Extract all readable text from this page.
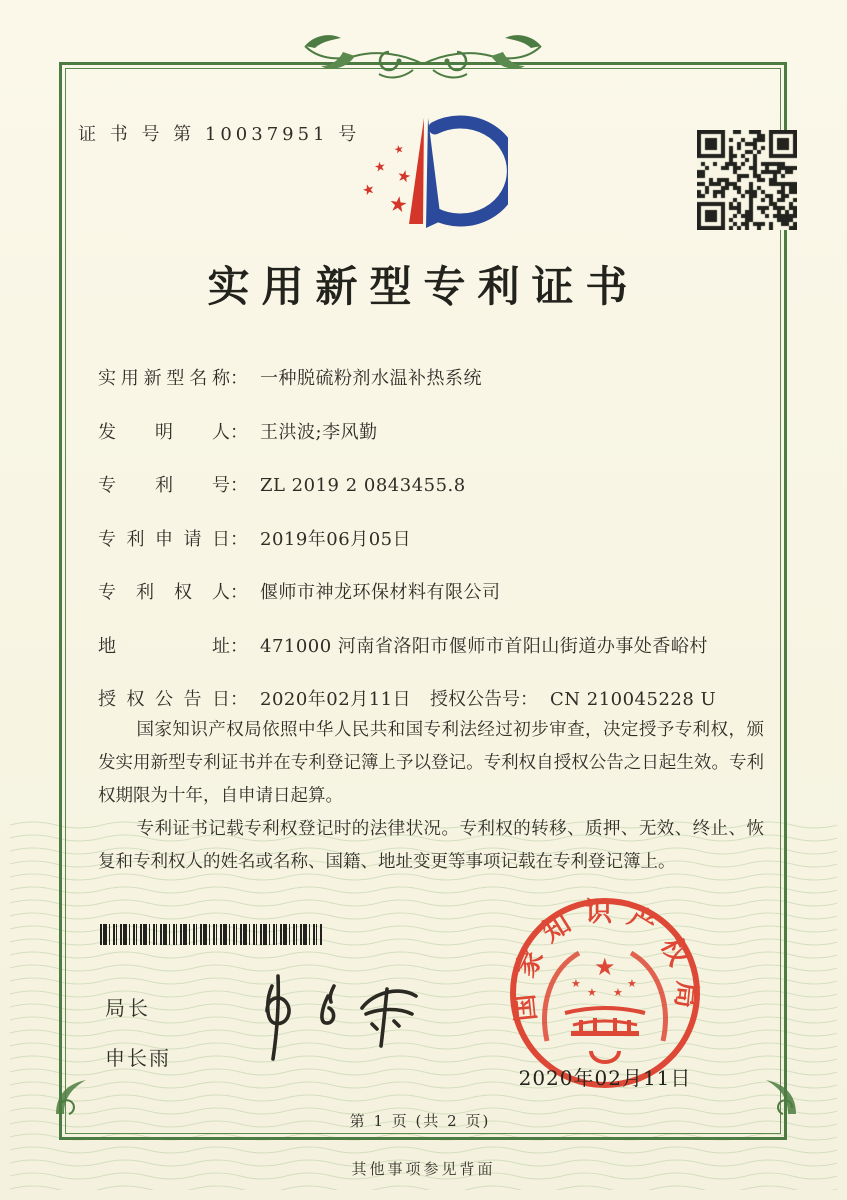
证 书 号 第 10037951 号
★
★ ★
★
★
实用新型专利证书
实用新型名称： 一种脱硫粉剂水温补热系统
发明人： 王洪波;李风勤
专利号： ZL 2019 2 0843455.8
专利申请日： 2019年06月05日
专利权人： 偃师市神龙环保材料有限公司
地址： 471000 河南省洛阳市偃师市首阳山街道办事处香峪村
授权公告日： 2020年02月11日 授权公告号： CN 210045228 U

国家知识产权局依照中华人民共和国专利法经过初步审查，决定授予专利权，颁发实用新型专利证书并在专利登记簿上予以登记。专利权自授权公告之日起生效。专利权期限为十年，自申请日起算。

专利证书记载专利权登记时的法律状况。专利权的转移、质押、无效、终止、恢复和专利权人的姓名或名称、国籍、地址变更等事项记载在专利登记簿上。

局长
申长雨
国家知识产权局
★
★
★ ★
★
2020年02月11日
第 1 页 (共 2 页)
其他事项参见背面
